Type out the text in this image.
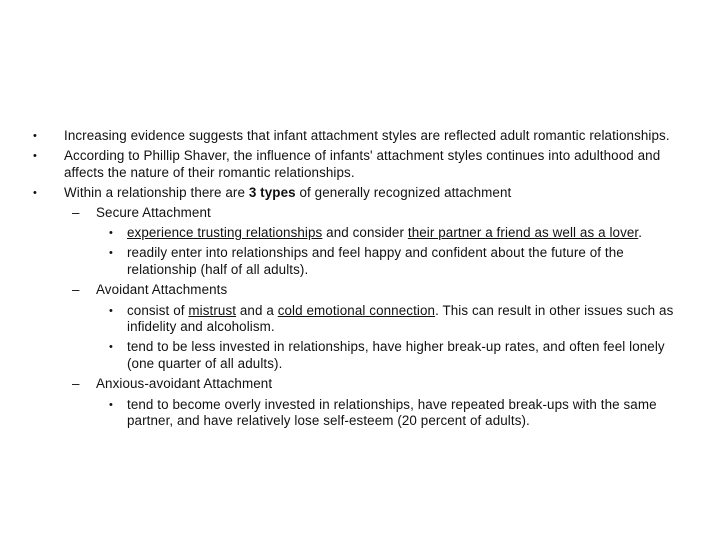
• Increasing evidence suggests that infant attachment styles are reflected adult romantic relationships.
• According to Phillip Shaver, the influence of infants' attachment styles continues into adulthood and affects the nature of their romantic relationships.
• Within a relationship there are 3 types of generally recognized attachment
– Secure Attachment
• experience trusting relationships and consider their partner a friend as well as a lover.
• readily enter into relationships and feel happy and confident about the future of the relationship (half of all adults).
– Avoidant Attachments
• consist of mistrust and a cold emotional connection. This can result in other issues such as infidelity and alcoholism.
• tend to be less invested in relationships, have higher break-up rates, and often feel lonely (one quarter of all adults).
– Anxious-avoidant Attachment
• tend to become overly invested in relationships, have repeated break-ups with the same partner, and have relatively lose self-esteem (20 percent of adults).
